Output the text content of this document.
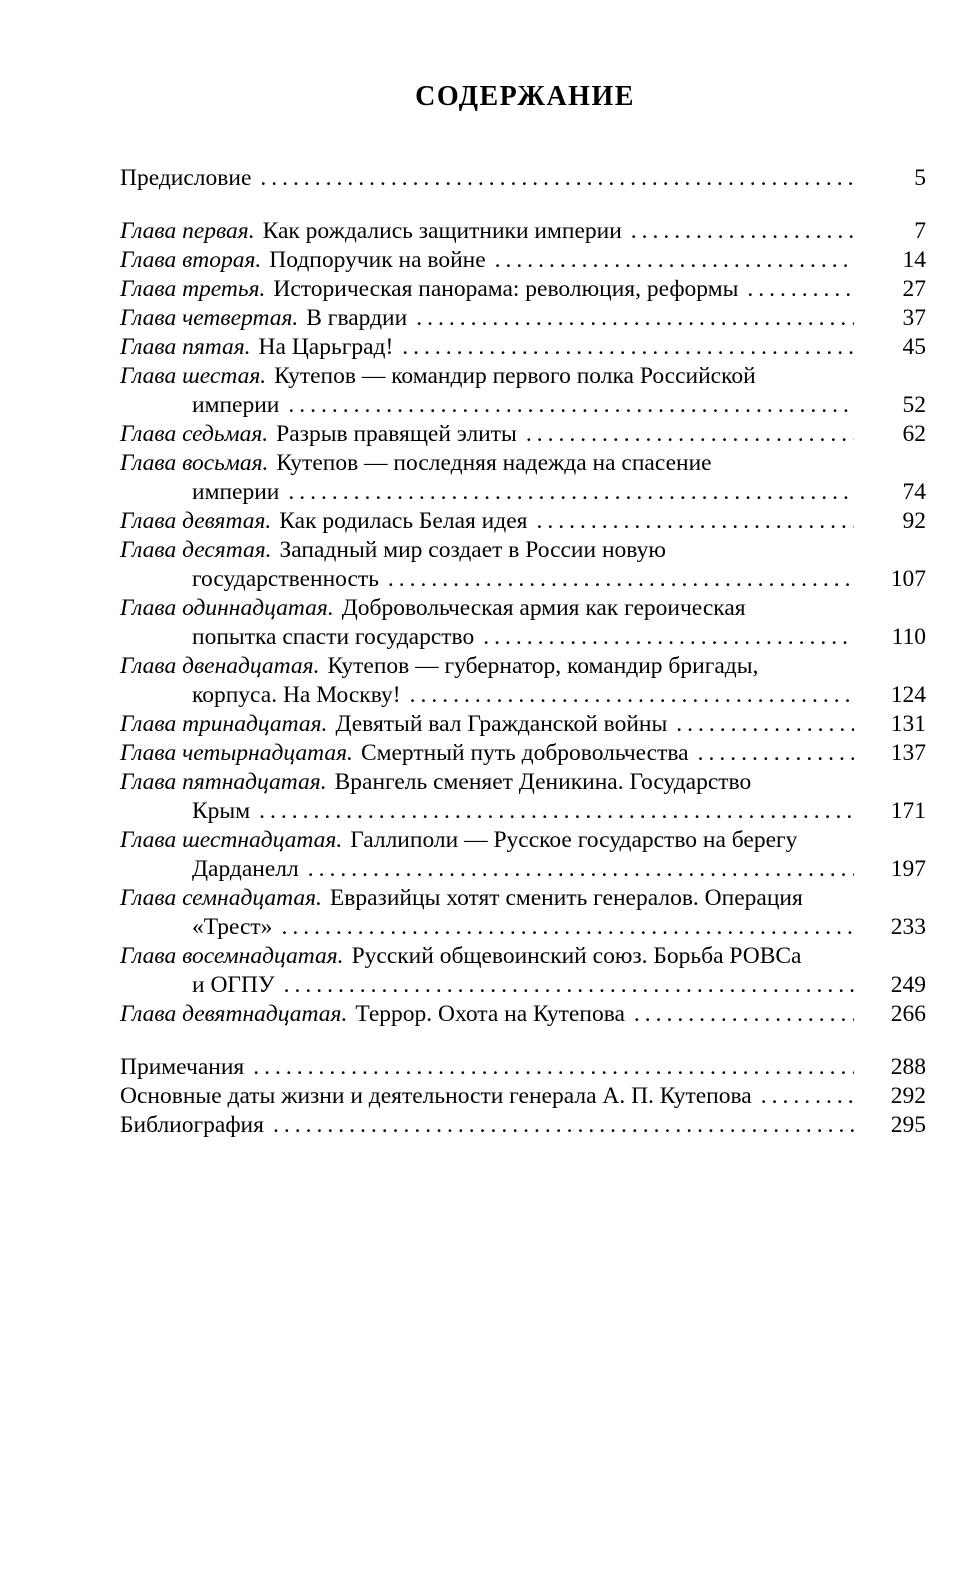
СОДЕРЖАНИЕ
Предисловие .....	5
Глава первая. Как рождались защитники империи .....	7
Глава вторая. Подпоручик на войне .....	14
Глава третья. Историческая панорама: революция, реформы .....	27
Глава четвертая. В гвардии .....	37
Глава пятая. На Царьград! .....	45
Глава шестая. Кутепов — командир первого полка Российской
империи .....	52
Глава седьмая. Разрыв правящей элиты .....	62
Глава восьмая. Кутепов — последняя надежда на спасение
империи .....	74
Глава девятая. Как родилась Белая идея .....	92
Глава десятая. Западный мир создает в России новую
государственность .....	107
Глава одиннадцатая. Добровольческая армия как героическая
попытка спасти государство .....	110
Глава двенадцатая. Кутепов — губернатор, командир бригады,
корпуса. На Москву! .....	124
Глава тринадцатая. Девятый вал Гражданской войны .....	131
Глава четырнадцатая. Смертный путь добровольчества .....	137
Глава пятнадцатая. Врангель сменяет Деникина. Государство
Крым .....	171
Глава шестнадцатая. Галлиполи — Русское государство на берегу
Дарданелл .....	197
Глава семнадцатая. Евразийцы хотят сменить генералов. Операция
«Трест» .....	233
Глава восемнадцатая. Русский общевоинский союз. Борьба РОВСа
и ОГПУ .....	249
Глава девятнадцатая. Террор. Охота на Кутепова .....	266
Примечания .....	288
Основные даты жизни и деятельности генерала А. П. Кутепова .....	292
Библиография .....	295
